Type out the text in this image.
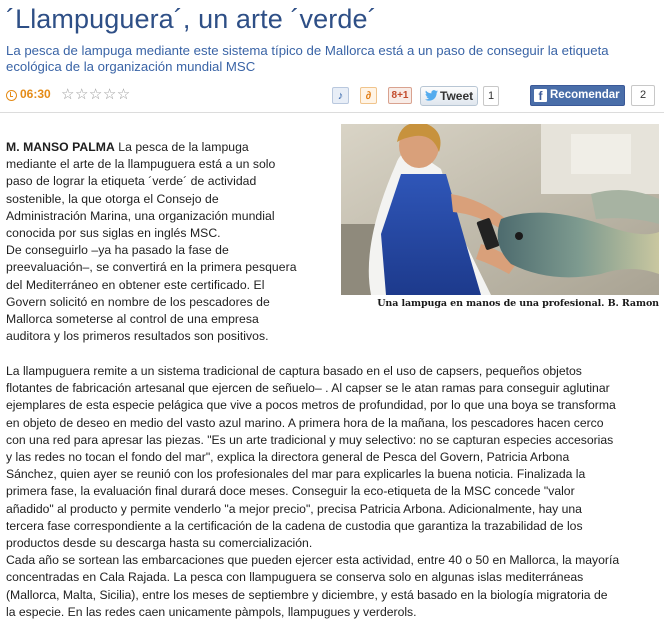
´Llampuguera´, un arte ´verde´

La pesca de lampuga mediante este sistema típico de Mallorca está a un paso de conseguir la etiqueta ecológica de la organización mundial MSC

06:30 ☆☆☆☆☆	♪	∂	8+1	Tweet	1	f Recomendar	2
Una lampuga en manos de una profesional. B. Ramon
M. MANSO PALMA La pesca de la lampuga
mediante el arte de la llampuguera está a un solo
paso de lograr la etiqueta ´verde´ de actividad
sostenible, la que otorga el Consejo de
Administración Marina, una organización mundial
conocida por sus siglas en inglés MSC.
De conseguirlo –ya ha pasado la fase de
preevaluación–, se convertirá en la primera pesquera
del Mediterráneo en obtener este certificado. El
Govern solicitó en nombre de los pescadores de
Mallorca someterse al control de una empresa
auditora y los primeros resultados son positivos.
La llampuguera remite a un sistema tradicional de captura basado en el uso de capsers, pequeños objetos
flotantes de fabricación artesanal que ejercen de señuelo– . Al capser se le atan ramas para conseguir aglutinar
ejemplares de esta especie pelágica que vive a pocos metros de profundidad, por lo que una boya se transforma
en objeto de deseo en medio del vasto azul marino. A primera hora de la mañana, los pescadores hacen cerco
con una red para apresar las piezas. "Es un arte tradicional y muy selectivo: no se capturan especies accesorias
y las redes no tocan el fondo del mar", explica la directora general de Pesca del Govern, Patricia Arbona
Sánchez, quien ayer se reunió con los profesionales del mar para explicarles la buena noticia. Finalizada la
primera fase, la evaluación final durará doce meses. Conseguir la eco-etiqueta de la MSC concede "valor
añadido" al producto y permite venderlo "a mejor precio", precisa Patricia Arbona. Adicionalmente, hay una
tercera fase correspondiente a la certificación de la cadena de custodia que garantiza la trazabilidad de los
productos desde su descarga hasta su comercialización.
Cada año se sortean las embarcaciones que pueden ejercer esta actividad, entre 40 o 50 en Mallorca, la mayoría
concentradas en Cala Rajada. La pesca con llampuguera se conserva solo en algunas islas mediterráneas
(Mallorca, Malta, Sicilia), entre los meses de septiembre y diciembre, y está basado en la biología migratoria de
la especie. En las redes caen unicamente pàmpols, llampugues y verderols.
